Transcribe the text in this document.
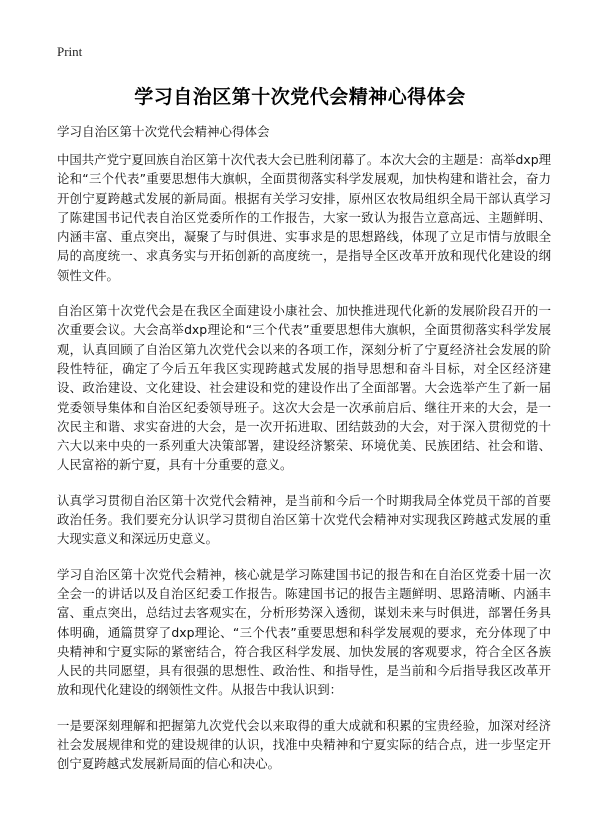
Print
学习自治区第十次党代会精神心得体会

学习自治区第十次党代会精神心得体会

中国共产党宁夏回族自治区第十次代表大会已胜利闭幕了。本次大会的主题是：高举dxp理论和“三个代表”重要思想伟大旗帜，全面贯彻落实科学发展观，加快构建和谐社会，奋力开创宁夏跨越式发展的新局面。根据有关学习安排，原州区农牧局组织全局干部认真学习了陈建国书记代表自治区党委所作的工作报告，大家一致认为报告立意高远、主题鲜明、内涵丰富、重点突出，凝聚了与时俱进、实事求是的思想路线，体现了立足市情与放眼全局的高度统一、求真务实与开拓创新的高度统一，是指导全区改革开放和现代化建设的纲领性文件。

自治区第十次党代会是在我区全面建设小康社会、加快推进现代化新的发展阶段召开的一次重要会议。大会高举dxp理论和“三个代表”重要思想伟大旗帜，全面贯彻落实科学发展观，认真回顾了自治区第九次党代会以来的各项工作，深刻分析了宁夏经济社会发展的阶段性特征，确定了今后五年我区实现跨越式发展的指导思想和奋斗目标，对全区经济建设、政治建设、文化建设、社会建设和党的建设作出了全面部署。大会选举产生了新一届党委领导集体和自治区纪委领导班子。这次大会是一次承前启后、继往开来的大会，是一次民主和谐、求实奋进的大会，是一次开拓进取、团结鼓劲的大会，对于深入贯彻党的十六大以来中央的一系列重大决策部署，建设经济繁荣、环境优美、民族团结、社会和谐、人民富裕的新宁夏，具有十分重要的意义。

认真学习贯彻自治区第十次党代会精神，是当前和今后一个时期我局全体党员干部的首要政治任务。我们要充分认识学习贯彻自治区第十次党代会精神对实现我区跨越式发展的重大现实意义和深远历史意义。

学习自治区第十次党代会精神，核心就是学习陈建国书记的报告和在自治区党委十届一次全会一的讲话以及自治区纪委工作报告。陈建国书记的报告主题鲜明、思路清晰、内涵丰富、重点突出，总结过去客观实在，分析形势深入透彻，谋划未来与时俱进，部署任务具体明确，通篇贯穿了dxp理论、“三个代表”重要思想和科学发展观的要求，充分体现了中央精神和宁夏实际的紧密结合，符合我区科学发展、加快发展的客观要求，符合全区各族人民的共同愿望，具有很强的思想性、政治性、和指导性，是当前和今后指导我区改革开放和现代化建设的纲领性文件。从报告中我认识到：

一是要深刻理解和把握第九次党代会以来取得的重大成就和积累的宝贵经验，加深对经济社会发展规律和党的建设规律的认识，找准中央精神和宁夏实际的结合点，进一步坚定开创宁夏跨越式发展新局面的信心和决心。
